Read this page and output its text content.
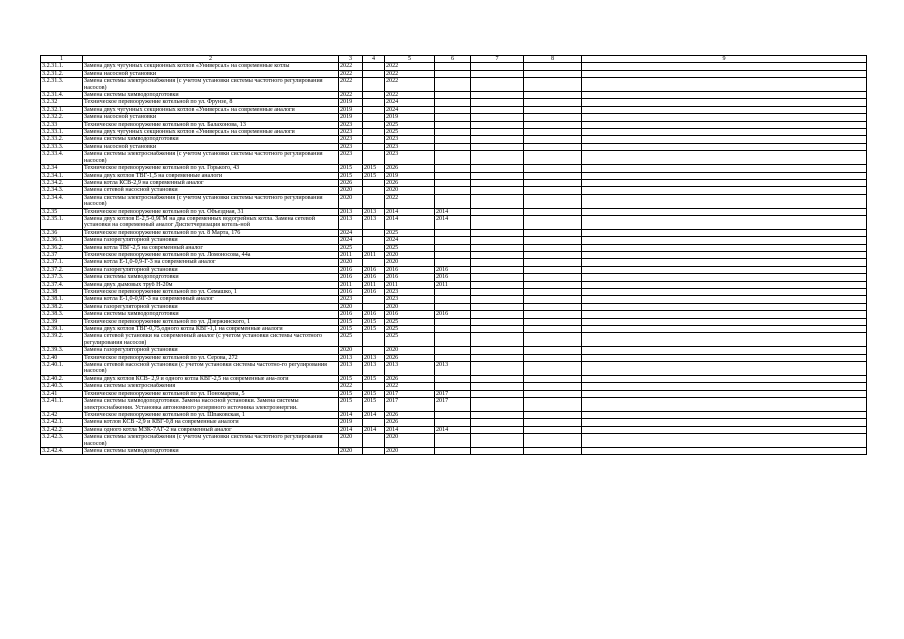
1	2	3	4	5	6	7	8	9
3.2.31.1.	Замена двух чугунных секционных котлов «Универсал» на современные котлы	2022		2022				
3.2.31.2.	Замена насосной установки	2022		2022				
3.2.31.3.	Замена системы электроснабжения (с учетом установки системы частотного регулирования насосов)	2022		2022				
3.2.31.4.	Замена системы химводоподготовки	2022		2022				
3.2.32	Техническое перевооружение котельной по ул. Фрунзе, 8	2019		2024				
3.2.32.1.	Замена двух чугунных секционных котлов «Универсал» на современные аналоги	2019		2024				
3.2.32.2.	Замена насосной установки	2019		2019				
3.2.33	Техническое перевооружение котельной по ул. Балахонова, 13	2023		2025				
3.2.33.1.	Замена двух чугунных секционных котлов «Универсал» на современные аналоги	2023		2025				
3.2.33.2.	Замена системы химводоподготовки	2023		2023				
3.2.33.3.	Замена насосной установки	2023		2023				
3.2.33.4.	Замена системы электроснабжения (с учетом установки системы частотного регулирования насосов)	2023		2023				
3.2.34	Техническое перевооружение котельной по ул. Горького, 43	2015	2015	2026				
3.2.34.1.	Замена двух котлов ТВГ-1,5 на современные аналоги	2015	2015	2019				
3.2.34.2.	Замена котла КСВ-2,9 на современный аналог	2026		2026				
3.2.34.3.	Замена сетевой насосной установки	2020		2020				
3.2.34.4.	Замена системы электроснабжения (с учетом установки системы частотного регулирования насосов)	2020		2022				
3.2.35	Техническое перевооружение котельной по ул. Объездная, 31	2013	2013	2014	2014			
3.2.35.1.	Замена двух котлов Е-2,5-0,9ГМ на два современных водогрейных котла. Замена сетевой установки на современный аналог Диспетчеризация котель-ной	2013	2013	2014	2014			
3.2.36	Техническое перевооружение котельной по ул. 8 Марта, 176	2024		2025				
3.2.36.1.	Замена газорегуляторной установки	2024		2024				
3.2.36.2.	Замена котла ТВГ-2,5 на современный аналог	2025		2025				
3.2.37	Техническое перевооружение котельной по ул. Ломоносова, 44а	2011	2011	2020				
3.2.37.1.	Замена котла Е-1,0-0,9-Г-3 на современный аналог	2020		2020				
3.2.37.2.	Замена газорегуляторной установки	2016	2016	2016	2016			
3.2.37.3.	Замена системы химводоподготовки	2016	2016	2016	2016			
3.2.37.4.	Замена двух дымовых труб Н-20м	2011	2011	2011	2011			
3.2.38	Техническое перевооружение котельной по ул. Семашко, 1	2016	2016	2023				
3.2.38.1.	Замена котла Е-1,0-0,9Г-3 на современный аналог	2023		2023				
3.2.38.2.	Замена газорегуляторной установки	2020		2020				
3.2.38.3.	Замена системы химводоподготовки	2016	2016	2016	2016			
3.2.39	Техническое перевооружение котельной по ул. Дзержинского, 1	2015	2015	2025				
3.2.39.1.	Замена двух котлов ТВГ-0,75,одного котла КВГ-1,1 на современные аналоги	2015	2015	2025				
3.2.39.2.	Замена сетевой установки на современный аналог (с учетом установки системы частотного регулирования насосов)	2025		2025				
3.2.39.3.	Замена газорегуляторной установки	2020		2020				
3.2.40	Техническое перевооружение котельной по ул. Серова, 272	2013	2013	2026				
3.2.40.1.	Замена сетевой насосной установки (с учетом установки системы частотно-го регулирования насосов)	2013	2013	2013	2013			
3.2.40.2.	Замена двух котлов КСВ- 2,9 и одного котла КВГ-2,5 на современные ана-логи	2015	2015	2026				
3.2.40.3.	Замена системы электроснабжения	2022		2022				
3.2.41	Техническое перевооружение котельной по ул. Пономарева, 5	2015	2015	2017	2017			
3.2.41.1.	Замена системы химводоподготовки. Замена насосной установки. Замена системы электроснабжения. Установка автономного резервного источника электроэнергии.	2015	2015	2017	2017			
3.2.42	Техническое перевооружение котельной по ул. Шпаковская, 1	2014	2014	2026				
3.2.42.1.	Замена котлов КСВ -2,9 и КВГ-0,8 на современные аналоги	2019		2026				
3.2.42.2.	Замена одного котла МЗК-7АГ-2 на современный аналог	2014	2014	2014	2014			
3.2.42.3.	Замена системы электроснабжения (с учетом установки системы частотного регулирования насосов)	2020		2020				
3.2.42.4.	Замена системы химводоподготовки	2020		2020				
